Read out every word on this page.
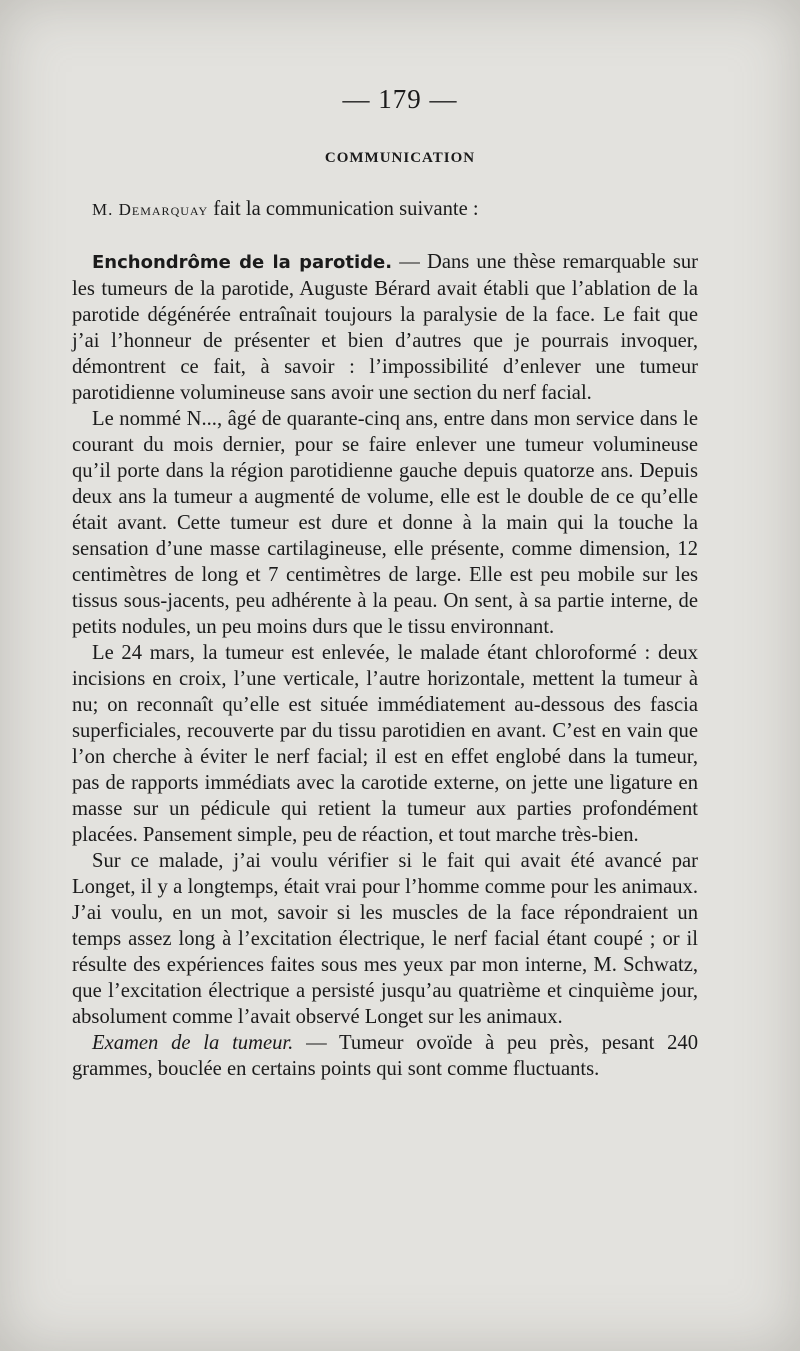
— 179 —
COMMUNICATION

M. Demarquay fait la communication suivante :

Enchondrôme de la parotide. — Dans une thèse remarquable sur les tumeurs de la parotide, Auguste Bérard avait établi que l’ablation de la parotide dégénérée entraînait toujours la paralysie de la face. Le fait que j’ai l’honneur de présenter et bien d’autres que je pourrais invoquer, démontrent ce fait, à savoir : l’impossibilité d’enlever une tumeur parotidienne volumineuse sans avoir une section du nerf facial.

Le nommé N..., âgé de quarante-cinq ans, entre dans mon service dans le courant du mois dernier, pour se faire enlever une tumeur volumineuse qu’il porte dans la région parotidienne gauche depuis quatorze ans. Depuis deux ans la tumeur a augmenté de volume, elle est le double de ce qu’elle était avant. Cette tumeur est dure et donne à la main qui la touche la sensation d’une masse cartilagineuse, elle présente, comme dimension, 12 centimètres de long et 7 centimètres de large. Elle est peu mobile sur les tissus sous-jacents, peu adhérente à la peau. On sent, à sa partie interne, de petits nodules, un peu moins durs que le tissu environnant.

Le 24 mars, la tumeur est enlevée, le malade étant chloroformé : deux incisions en croix, l’une verticale, l’autre horizontale, mettent la tumeur à nu; on reconnaît qu’elle est située immédiatement au-dessous des fascia superficiales, recouverte par du tissu parotidien en avant. C’est en vain que l’on cherche à éviter le nerf facial; il est en effet englobé dans la tumeur, pas de rapports immédiats avec la carotide externe, on jette une ligature en masse sur un pédicule qui retient la tumeur aux parties profondément placées. Pansement simple, peu de réaction, et tout marche très-bien.

Sur ce malade, j’ai voulu vérifier si le fait qui avait été avancé par Longet, il y a longtemps, était vrai pour l’homme comme pour les animaux. J’ai voulu, en un mot, savoir si les muscles de la face répondraient un temps assez long à l’excitation électrique, le nerf facial étant coupé ; or il résulte des expériences faites sous mes yeux par mon interne, M. Schwatz, que l’excitation électrique a persisté jusqu’au quatrième et cinquième jour, absolument comme l’avait observé Longet sur les animaux.

Examen de la tumeur. — Tumeur ovoïde à peu près, pesant 240 grammes, bouclée en certains points qui sont comme fluctuants.
